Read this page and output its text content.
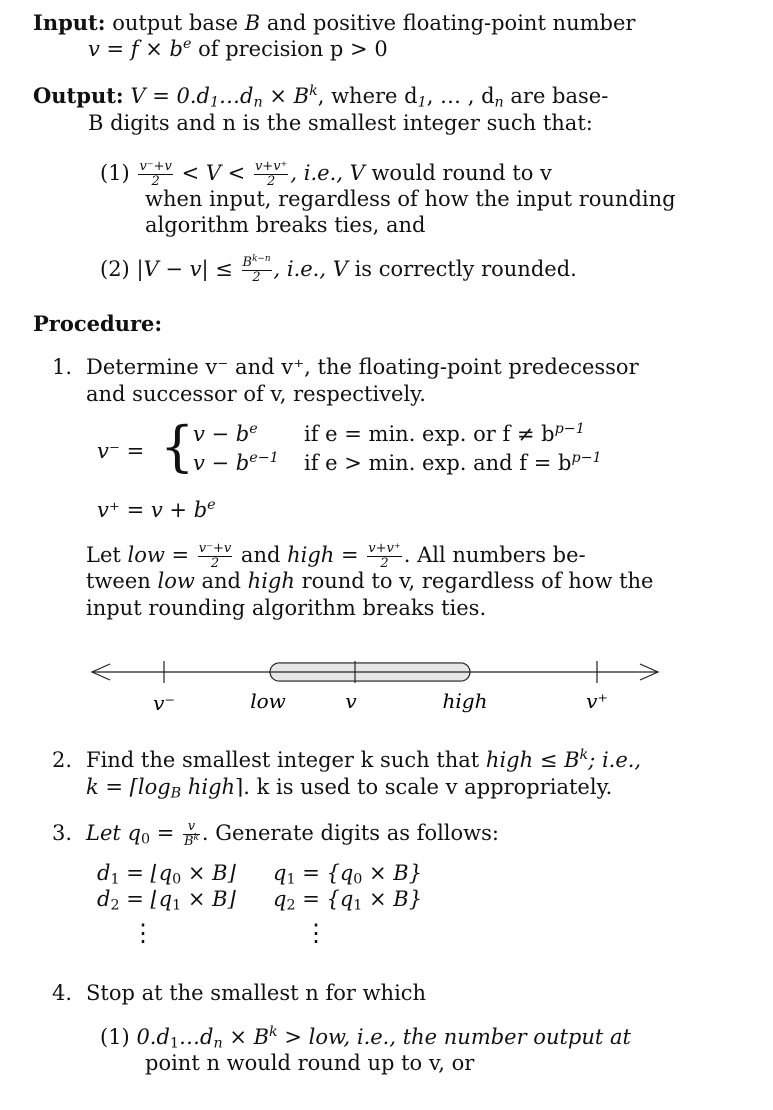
Input: output base B and positive floating-point number
$v = f \times b^e$ of precision p > 0
Output: $V = 0.d_1\dots d_n \times B^k$, where $d_1$, … , $d_n$ are base-
B digits and n is the smallest integer such that:
$(1) \frac{v^-+v}{2} < V < \frac{v+v^+}{2}$ , i.e., V would round to v
when input, regardless of how the input rounding
algorithm breaks ties, and
(2) $|V - v| \le \frac{B^{k-n}}{2}$ , i.e., V is correctly rounded.
Procedure:
1. Determine v⁻ and v⁺, the floating-point predecessor
and successor of v, respectively.
v⁻ = {
$v - b^e$ if e = min. exp. or $f \ne b^{p-1}$
$v - b^{e-1}$ if e > min. exp. and $f = b^{p-1}$
$v^+ = v + b^e$
Let low = $\frac{v^-+v}{2}$ and high = $\frac{v+v^+}{2}$ . All numbers be-
tween low and high round to v, regardless of how the
input rounding algorithm breaks ties.
v⁻	low	v	high	v⁺
2. Find the smallest integer k such that high ≤ $B^k$; i.e.,
$k = ⌈\log_B$ high⌉. k is used to scale v appropriately.
3. Let $q_0 = \frac{v}{B^k}$ . Generate digits as follows:
$d_1$ = $⌊q_0$ × B⌋ $q_1 = \{q_0 \times B\}$
$d_2$ = $⌊q_1$ × B⌋ $q_2 = \{q_1 \times B\}$
⋮	⋮
4. Stop at the smallest n for which
(1) $0.d_1\dots d_n \times B^k$ > low, i.e., the number output at
point n would round up to v, or
